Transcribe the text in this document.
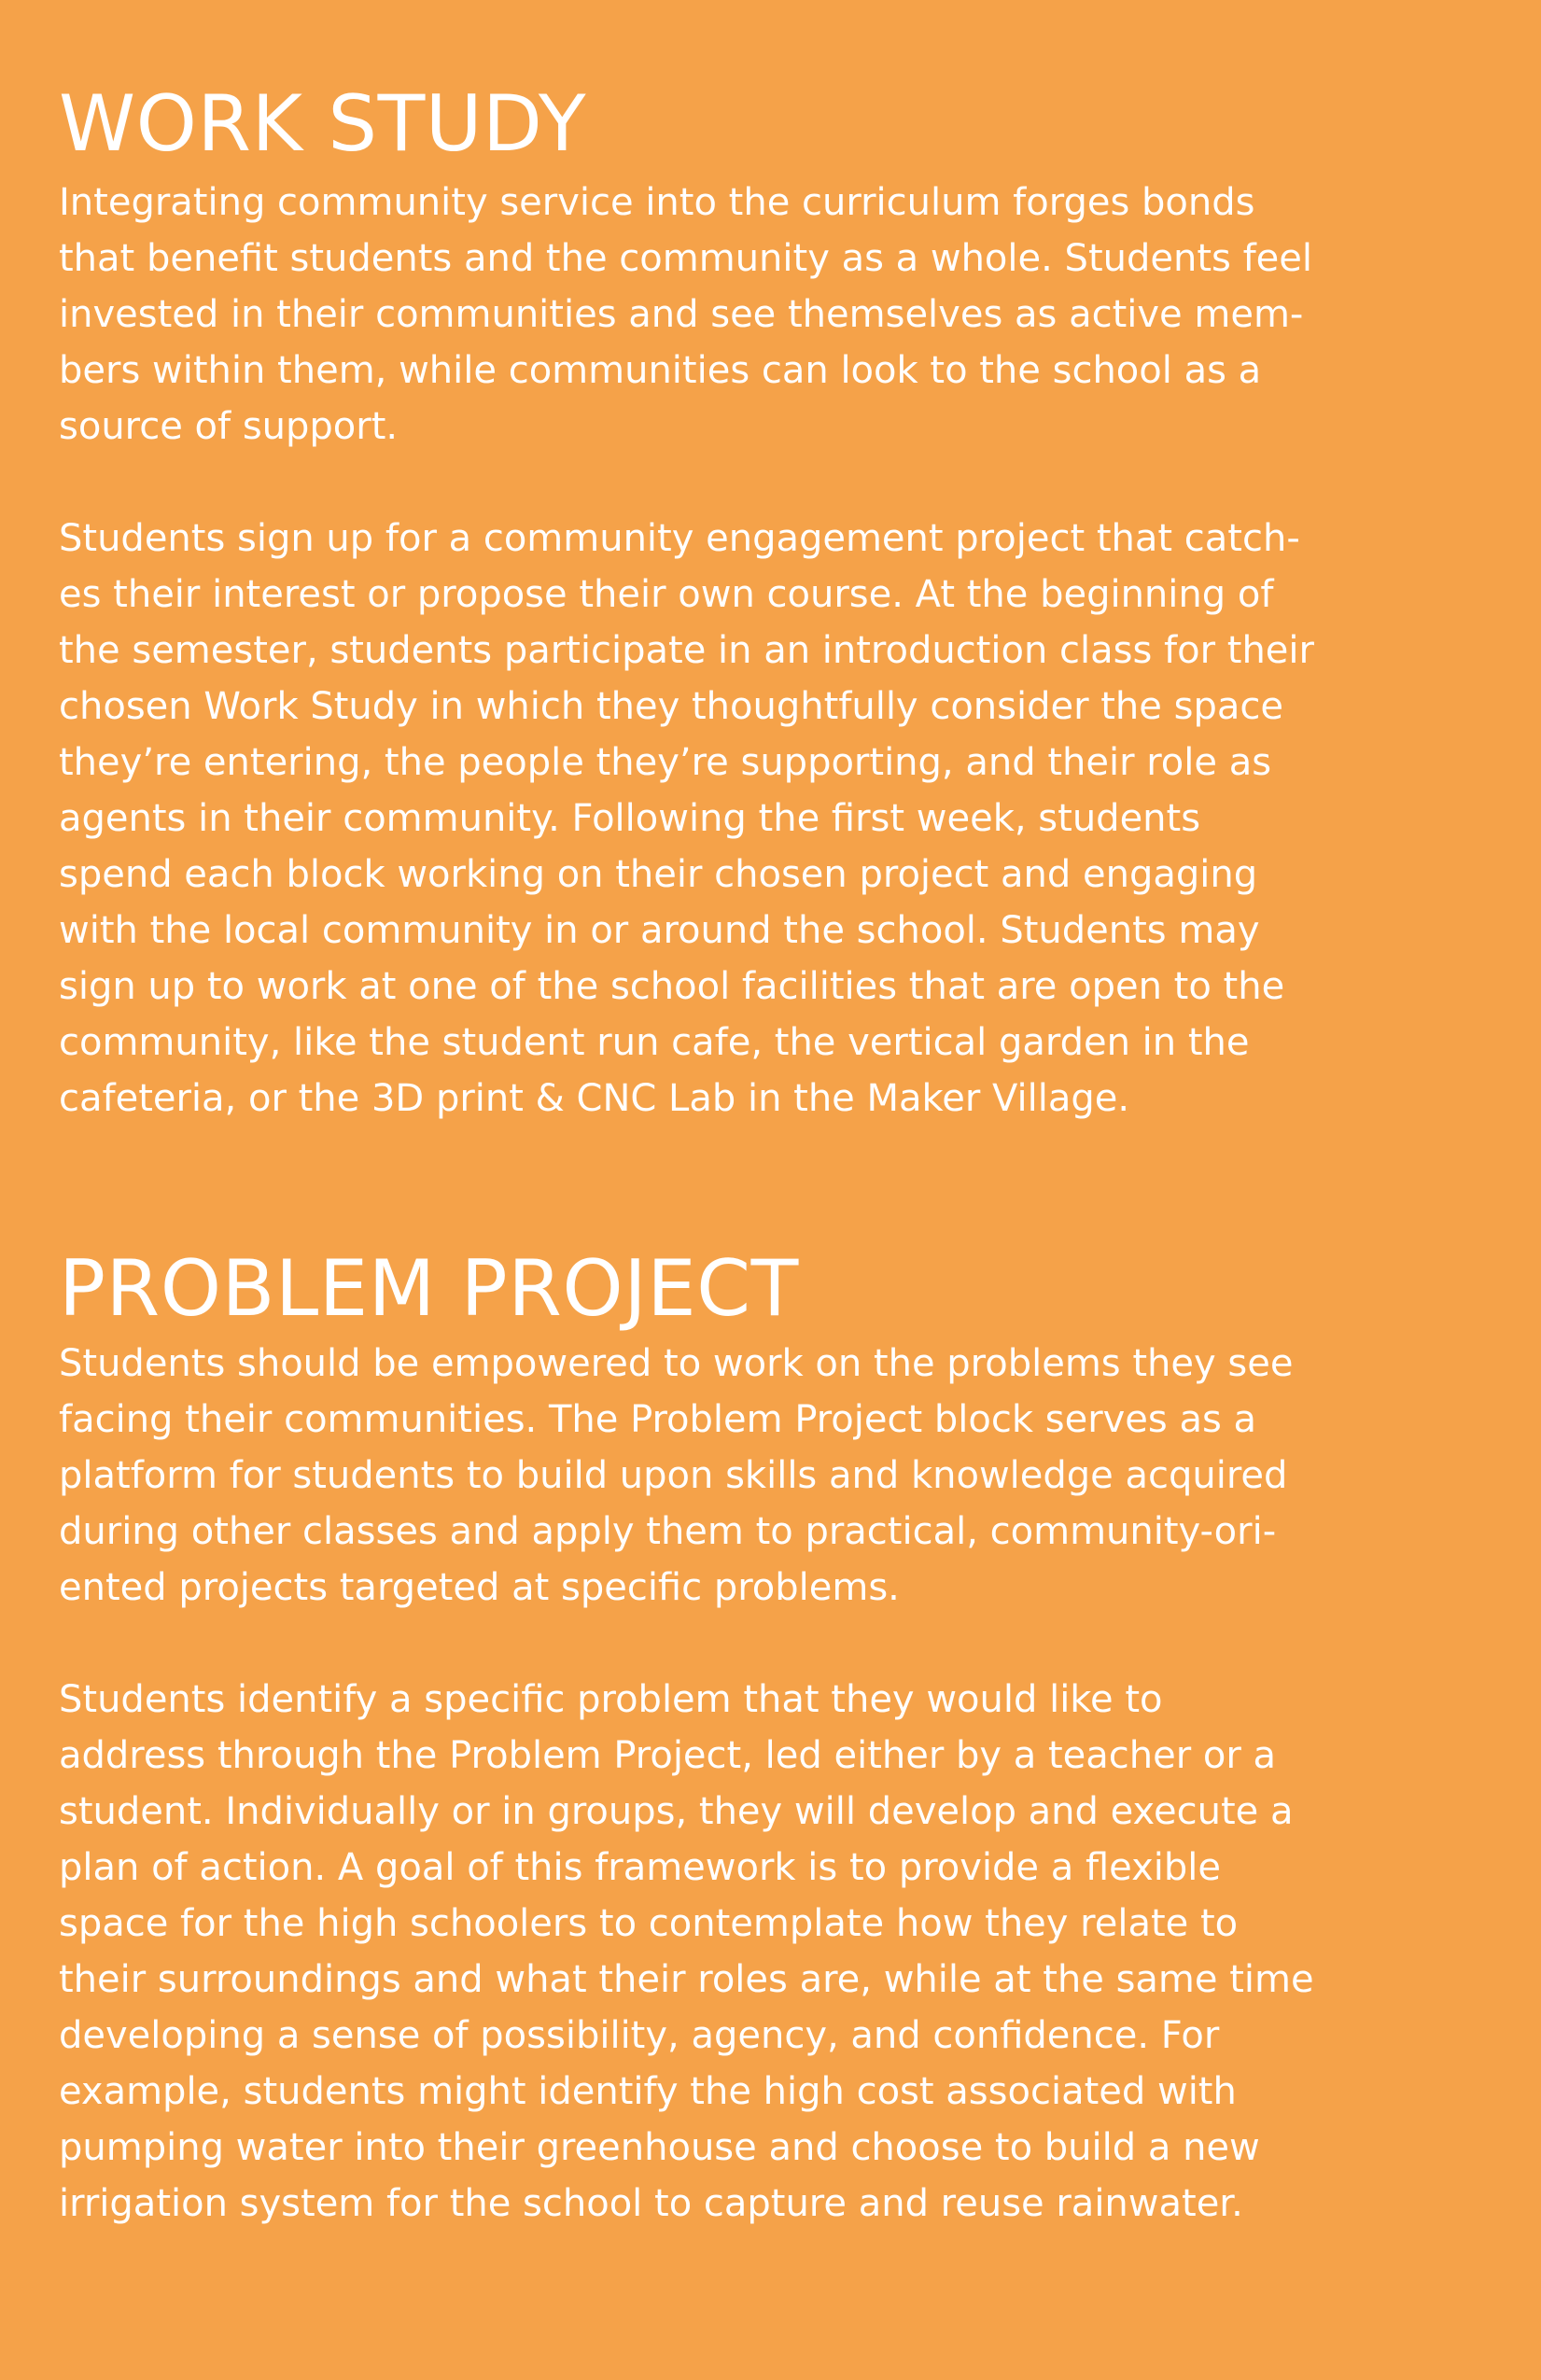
WORK STUDY

Integrating community service into the curriculum forges bonds
that benefit students and the community as a whole. Students feel
invested in their communities and see themselves as active mem-
bers within them, while communities can look to the school as a
source of support.

Students sign up for a community engagement project that catch-
es their interest or propose their own course. At the beginning of
the semester, students participate in an introduction class for their
chosen Work Study in which they thoughtfully consider the space
they’re entering, the people they’re supporting, and their role as
agents in their community. Following the first week, students
spend each block working on their chosen project and engaging
with the local community in or around the school. Students may
sign up to work at one of the school facilities that are open to the
community, like the student run cafe, the vertical garden in the
cafeteria, or the 3D print & CNC Lab in the Maker Village.

PROBLEM PROJECT

Students should be empowered to work on the problems they see
facing their communities. The Problem Project block serves as a
platform for students to build upon skills and knowledge acquired
during other classes and apply them to practical, community-ori-
ented projects targeted at specific problems.

Students identify a specific problem that they would like to
address through the Problem Project, led either by a teacher or a
student. Individually or in groups, they will develop and execute a
plan of action. A goal of this framework is to provide a flexible
space for the high schoolers to contemplate how they relate to
their surroundings and what their roles are, while at the same time
developing a sense of possibility, agency, and confidence. For
example, students might identify the high cost associated with
pumping water into their greenhouse and choose to build a new
irrigation system for the school to capture and reuse rainwater.
